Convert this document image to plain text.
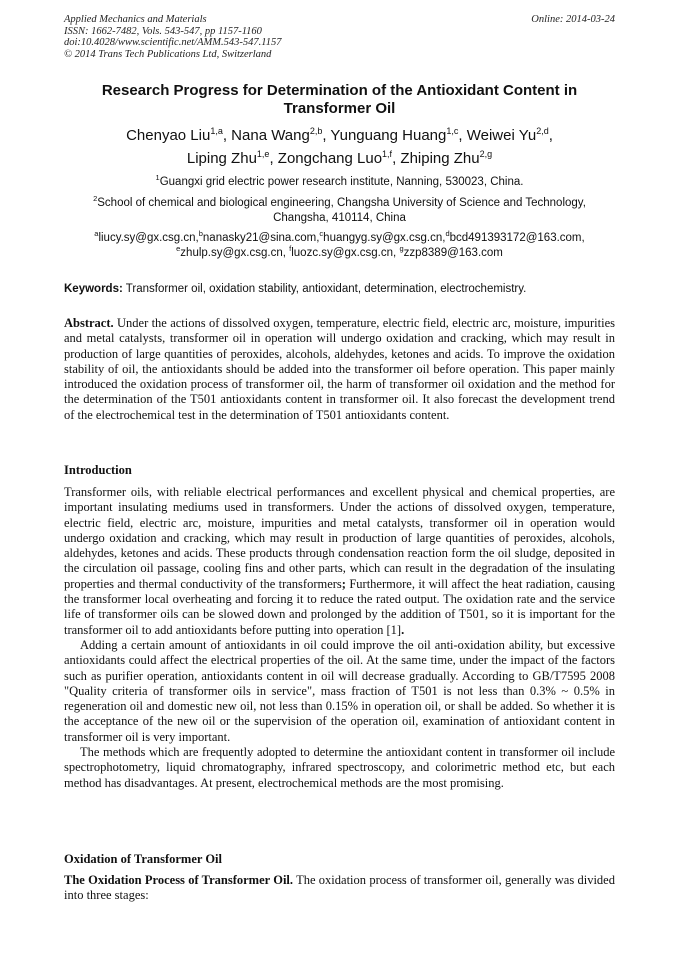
Applied Mechanics and Materials	Online: 2014-03-24
ISSN: 1662-7482, Vols. 543-547, pp 1157-1160
doi:10.4028/www.scientific.net/AMM.543-547.1157
© 2014 Trans Tech Publications Ltd, Switzerland
Research Progress for Determination of the Antioxidant Content in Transformer Oil
Chenyao Liu$^{1,a}$, Nana Wang$^{2,b}$, Yunguang Huang$^{1,c}$, Weiwei Yu$^{2,d}$,
Liping Zhu$^{1,e}$, Zongchang Luo$^{1,f}$, Zhiping Zhu$^{2,g}$
$^1$Guangxi grid electric power research institute, Nanning, 530023, China.
$^2$School of chemical and biological engineering, Changsha University of Science and Technology, Changsha, 410114, China
$^a$liucy.sy@gx.csg.cn,$^b$nanasky21@sina.com,$^c$huangyg.sy@gx.csg.cn,$^d$bcd491393172@163.com,
$^e$zhulp.sy@gx.csg.cn, $^f$luozc.sy@gx.csg.cn, $^g$zzp8389@163.com
Keywords: Transformer oil, oxidation stability, antioxidant, determination, electrochemistry.
Abstract. Under the actions of dissolved oxygen, temperature, electric field, electric arc, moisture, impurities and metal catalysts, transformer oil in operation will undergo oxidation and cracking, which may result in production of large quantities of peroxides, alcohols, aldehydes, ketones and acids. To improve the oxidation stability of oil, the antioxidants should be added into the transformer oil before operation. This paper mainly introduced the oxidation process of transformer oil, the harm of transformer oil oxidation and the method for the determination of the T501 antioxidants content in transformer oil. It also forecast the development trend of the electrochemical test in the determination of T501 antioxidants content.
Introduction

Transformer oils, with reliable electrical performances and excellent physical and chemical properties, are important insulating mediums used in transformers. Under the actions of dissolved oxygen, temperature, electric field, electric arc, moisture, impurities and metal catalysts, transformer oil in operation would undergo oxidation and cracking, which may result in production of large quantities of peroxides, alcohols, aldehydes, ketones and acids. These products through condensation reaction form the oil sludge, deposited in the circulation oil passage, cooling fins and other parts, which can result in the degradation of the insulating properties and thermal conductivity of the transformers; Furthermore, it will affect the heat radiation, causing the transformer local overheating and forcing it to reduce the rated output. The oxidation rate and the service life of transformer oils can be slowed down and prolonged by the addition of T501, so it is important for the transformer oil to add antioxidants before putting into operation [1].

Adding a certain amount of antioxidants in oil could improve the oil anti-oxidation ability, but excessive antioxidants could affect the electrical properties of the oil. At the same time, under the impact of the factors such as purifier operation, antioxidants content in oil will decrease gradually. According to GB/T7595 2008 "Quality criteria of transformer oils in service", mass fraction of T501 is not less than 0.3% ~ 0.5% in regeneration oil and domestic new oil, not less than 0.15% in operation oil, or shall be added. So whether it is the acceptance of the new oil or the supervision of the operation oil, examination of antioxidant content in transformer oil is very important.

The methods which are frequently adopted to determine the antioxidant content in transformer oil include spectrophotometry, liquid chromatography, infrared spectroscopy, and colorimetric method etc, but each method has disadvantages. At present, electrochemical methods are the most promising.

Oxidation of Transformer Oil
The Oxidation Process of Transformer Oil. The oxidation process of transformer oil, generally was divided into three stages:
